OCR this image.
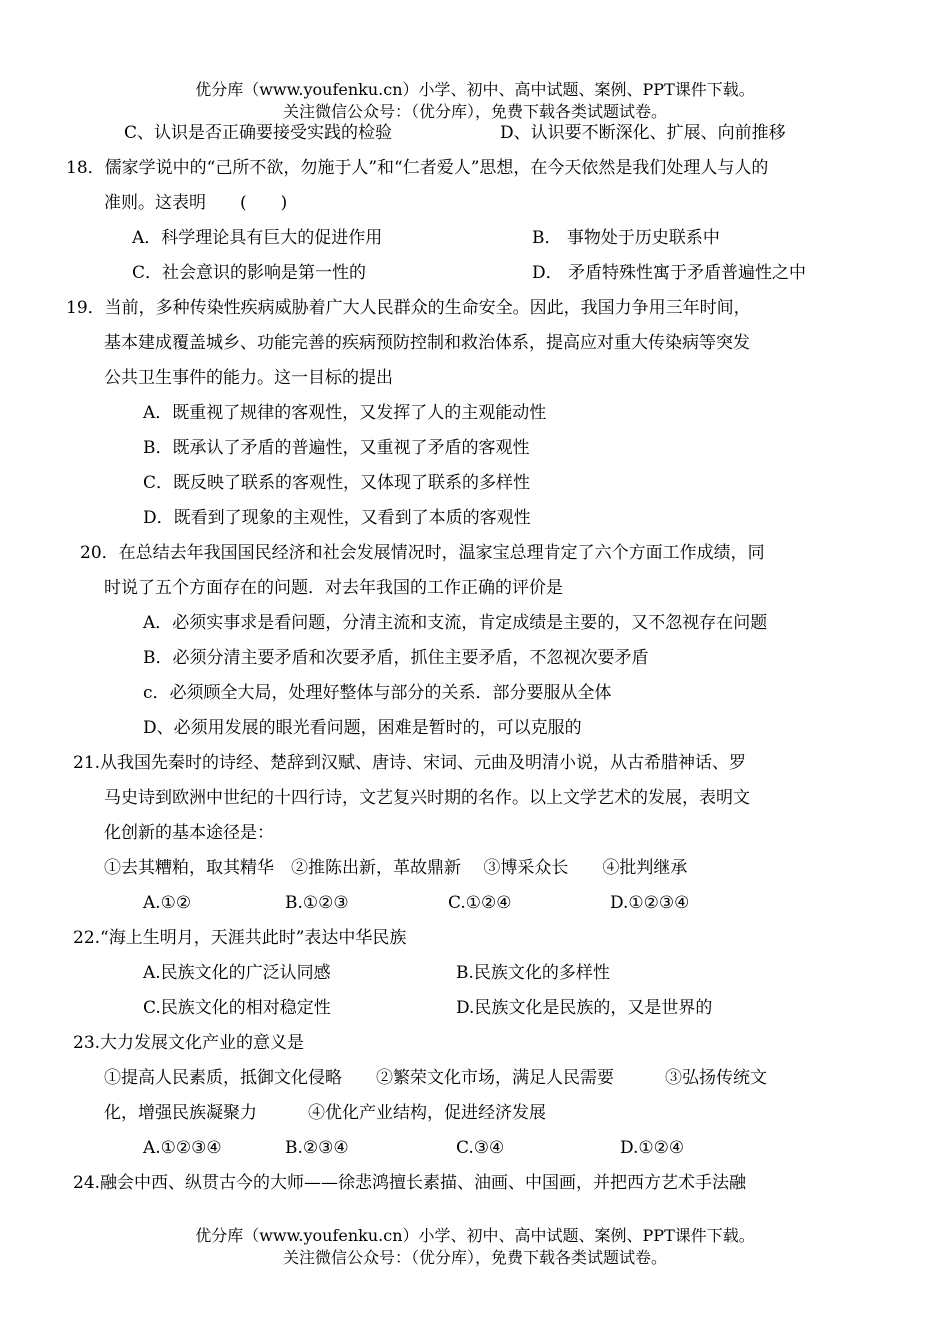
优分库（www.youfenku.cn）小学、初中、高中试题、案例、PPT课件下载。
关注微信公众号：（优分库），免费下载各类试题试卷。
C、认识是否正确要接受实践的检验	D、认识要不断深化、扩展、向前推移
18．儒家学说中的“己所不欲，勿施于人”和“仁者爱人”思想，在今天依然是我们处理人与人的
准则。这表明　　(　　)
A．科学理论具有巨大的促进作用	B． 事物处于历史联系中
C．社会意识的影响是第一性的	D． 矛盾特殊性寓于矛盾普遍性之中
19．当前，多种传染性疾病威胁着广大人民群众的生命安全。因此，我国力争用三年时间，
基本建成覆盖城乡、功能完善的疾病预防控制和救治体系，提高应对重大传染病等突发
公共卫生事件的能力。这一目标的提出
A．既重视了规律的客观性，又发挥了人的主观能动性
B．既承认了矛盾的普遍性，又重视了矛盾的客观性
C．既反映了联系的客观性，又体现了联系的多样性
D．既看到了现象的主观性，又看到了本质的客观性
20．在总结去年我国国民经济和社会发展情况时，温家宝总理肯定了六个方面工作成绩，同
时说了五个方面存在的问题．对去年我国的工作正确的评价是
A．必须实事求是看问题，分清主流和支流，肯定成绩是主要的，又不忽视存在问题
B．必须分清主要矛盾和次要矛盾，抓住主要矛盾，不忽视次要矛盾
c．必须顾全大局，处理好整体与部分的关系．部分要服从全体
D、必须用发展的眼光看问题，困难是暂时的，可以克服的
21.从我国先秦时的诗经、楚辞到汉赋、唐诗、宋词、元曲及明清小说，从古希腊神话、罗
马史诗到欧洲中世纪的十四行诗，文艺复兴时期的名作。以上文学艺术的发展，表明文
化创新的基本途径是：
①去其糟粕，取其精华　②推陈出新，革故鼎新　 ③博采众长　　④批判继承
A.①②	B.①②③	C.①②④	D.①②③④
22.“海上生明月，天涯共此时”表达中华民族
A.民族文化的广泛认同感	B.民族文化的多样性
C.民族文化的相对稳定性	D.民族文化是民族的，又是世界的
23.大力发展文化产业的意义是
①提高人民素质，抵御文化侵略　　②繁荣文化市场，满足人民需要　　　③弘扬传统文
化，增强民族凝聚力　　　④优化产业结构，促进经济发展
A.①②③④	B.②③④	C.③④	D.①②④
24.融会中西、纵贯古今的大师——徐悲鸿擅长素描、油画、中国画，并把西方艺术手法融
优分库（www.youfenku.cn）小学、初中、高中试题、案例、PPT课件下载。
关注微信公众号：（优分库），免费下载各类试题试卷。
